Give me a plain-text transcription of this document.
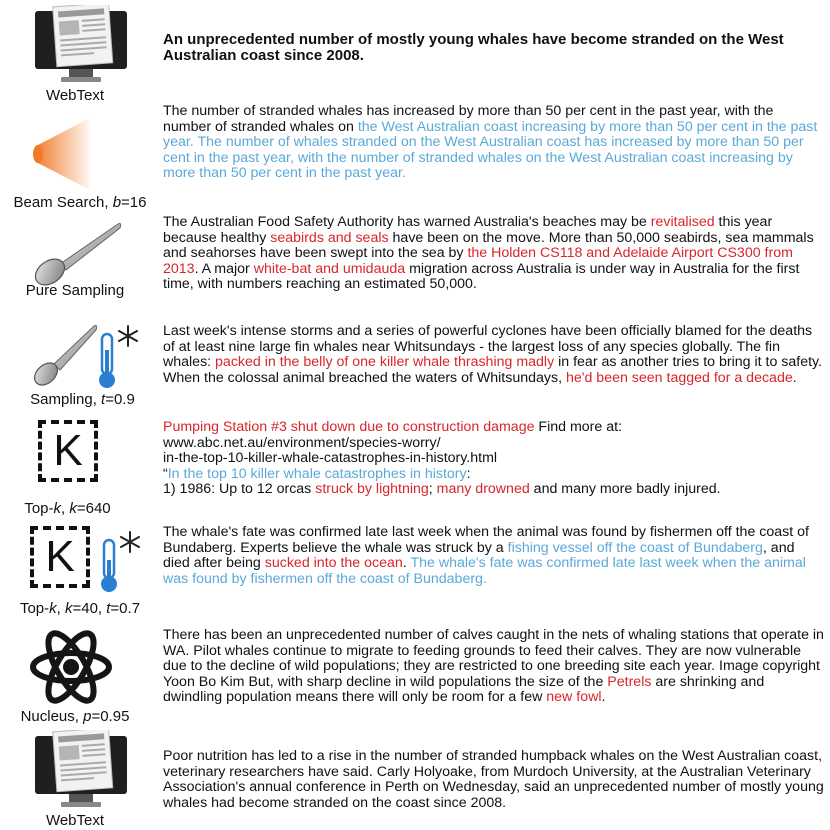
An unprecedented number of mostly young whales have become stranded on the West Australian coast since 2008.
WebText
Beam Search, b=16
The number of stranded whales has increased by more than 50 per cent in the past year, with the number of stranded whales on the West Australian coast increasing by more than 50 per cent in the past year. The number of whales stranded on the West Australian coast has increased by more than 50 per cent in the past year, with the number of stranded whales on the West Australian coast increasing by more than 50 per cent in the past year.
Pure Sampling
The Australian Food Safety Authority has warned Australia's beaches may be revitalised this year because healthy seabirds and seals have been on the move. More than 50,000 seabirds, sea mammals and seahorses have been swept into the sea by the Holden CS118 and Adelaide Airport CS300 from 2013. A major white-bat and umidauda migration across Australia is under way in Australia for the first time, with numbers reaching an estimated 50,000.
Sampling, t=0.9
Last week's intense storms and a series of powerful cyclones have been officially blamed for the deaths of at least nine large fin whales near Whitsundays - the largest loss of any species globally. The fin whales: packed in the belly of one killer whale thrashing madly in fear as another tries to bring it to safety. When the colossal animal breached the waters of Whitsundays, he'd been seen tagged for a decade.
K
Top-k, k=640
Pumping Station #3 shut down due to construction damage Find more at:
www.abc.net.au/environment/species-worry/
in-the-top-10-killer-whale-catastrophes-in-history.html
“In the top 10 killer whale catastrophes in history:
1) 1986: Up to 12 orcas struck by lightning; many drowned and many more badly injured.
K
Top-k, k=40, t=0.7
The whale's fate was confirmed late last week when the animal was found by fishermen off the coast of Bundaberg. Experts believe the whale was struck by a fishing vessel off the coast of Bundaberg, and died after being sucked into the ocean. The whale's fate was confirmed late last week when the animal was found by fishermen off the coast of Bundaberg.
Nucleus, p=0.95
There has been an unprecedented number of calves caught in the nets of whaling stations that operate in WA. Pilot whales continue to migrate to feeding grounds to feed their calves. They are now vulnerable due to the decline of wild populations; they are restricted to one breeding site each year. Image copyright Yoon Bo Kim But, with sharp decline in wild populations the size of the Petrels are shrinking and dwindling population means there will only be room for a few new fowl.
WebText
Poor nutrition has led to a rise in the number of stranded humpback whales on the West Australian coast, veterinary researchers have said. Carly Holyoake, from Murdoch University, at the Australian Veterinary Association's annual conference in Perth on Wednesday, said an unprecedented number of mostly young whales had become stranded on the coast since 2008.
